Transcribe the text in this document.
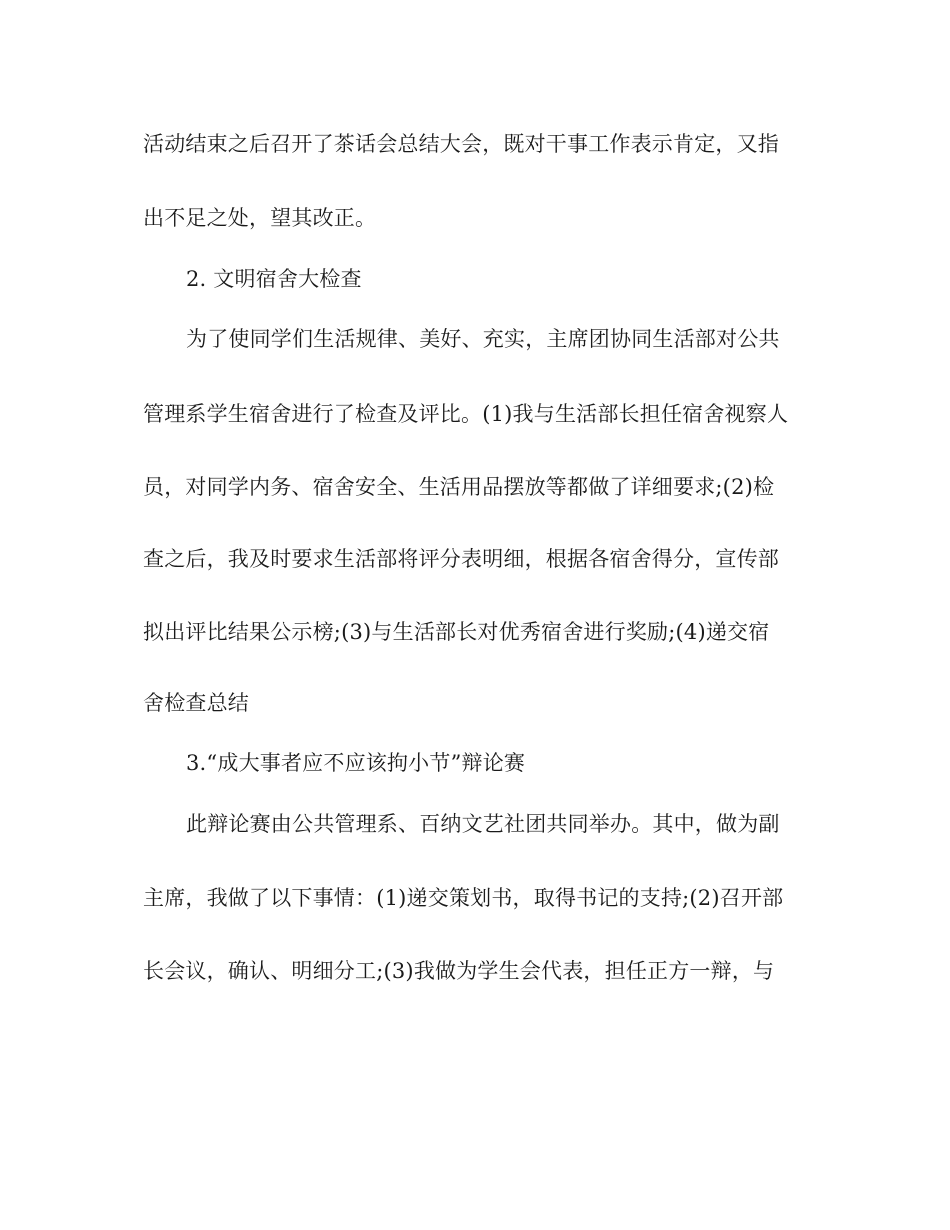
活动结束之后召开了茶话会总结大会，既对干事工作表示肯定，又指
出不足之处，望其改正。
2. 文明宿舍大检查
为了使同学们生活规律、美好、充实，主席团协同生活部对公共
管理系学生宿舍进行了检查及评比。(1)我与生活部长担任宿舍视察人
员，对同学内务、宿舍安全、生活用品摆放等都做了详细要求;(2)检
查之后，我及时要求生活部将评分表明细，根据各宿舍得分，宣传部
拟出评比结果公示榜;(3)与生活部长对优秀宿舍进行奖励;(4)递交宿
舍检查总结
3.“成大事者应不应该拘小节”辩论赛
此辩论赛由公共管理系、百纳文艺社团共同举办。其中，做为副
主席，我做了以下事情：(1)递交策划书，取得书记的支持;(2)召开部
长会议，确认、明细分工;(3)我做为学生会代表，担任正方一辩，与
